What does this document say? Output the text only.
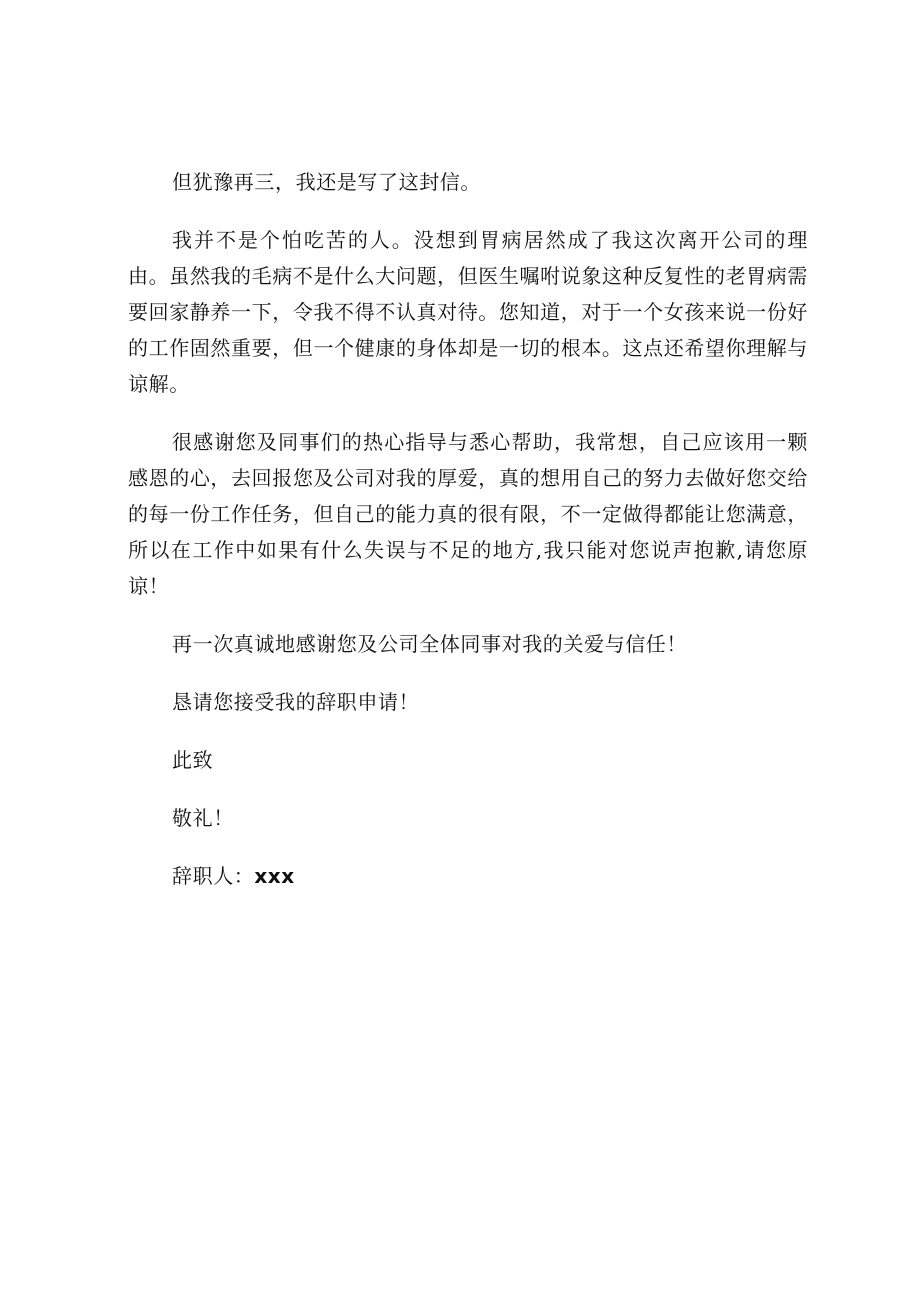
但犹豫再三，我还是写了这封信。

我并不是个怕吃苦的人。没想到胃病居然成了我这次离开公司的理由。虽然我的毛病不是什么大问题，但医生嘱咐说象这种反复性的老胃病需要回家静养一下，令我不得不认真对待。您知道，对于一个女孩来说一份好的工作固然重要，但一个健康的身体却是一切的根本。这点还希望你理解与谅解。

很感谢您及同事们的热心指导与悉心帮助，我常想，自己应该用一颗感恩的心，去回报您及公司对我的厚爱，真的想用自己的努力去做好您交给的每一份工作任务，但自己的能力真的很有限，不一定做得都能让您满意，所以在工作中如果有什么失误与不足的地方,我只能对您说声抱歉,请您原谅！

再一次真诚地感谢您及公司全体同事对我的关爱与信任！

恳请您接受我的辞职申请！

此致

敬礼！

辞职人：xxx
